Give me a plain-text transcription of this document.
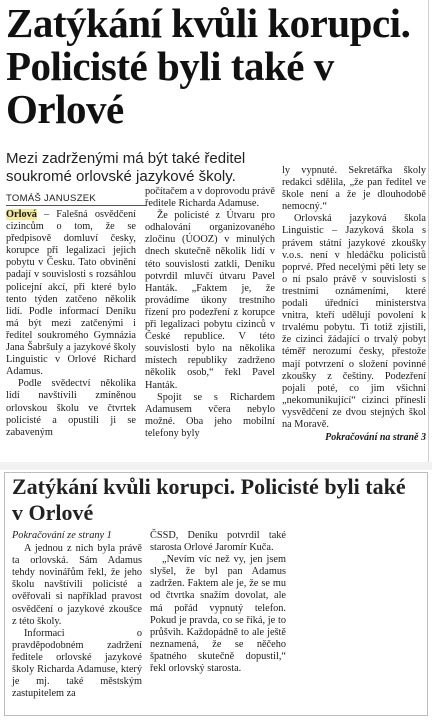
Zatýkání kvůli korupci. Policisté byli také v Orlové
Mezi zadrženými má být také ředitel soukromé orlovské jazykové školy.
TOMÁŠ JANUSZEK

Orlová – Falešná osvědčení cizincům o tom, že se předpisově domluví česky, korupce při legalizaci jejich pobytu v Česku. Tato obvinění padají v souvislosti s rozsáhlou policejní akcí, při které bylo tento týden zatčeno několik lidí. Podle informací Deníku má být mezi zatčenými i ředitel soukromého Gymnázia Jana Šabršuly a jazykové školy Linguistic v Orlové Richard Adamus.

Podle svědectví několika lidí navštívili zmíněnou orlovskou školu ve čtvrtek policisté a opustili ji se zabaveným

počítačem a v doprovodu právě ředitele Richarda Adamuse.

Že policisté z Útvaru pro odhalování organizovaného zločinu (ÚOOZ) v minulých dnech skutečně několik lidí v této souvislosti zatkli, Deníku potvrdil mluvčí útvaru Pavel Hanták. „Faktem je, že provádíme úkony trestního řízení pro podezření z korupce při legalizaci pobytu cizinců v České republice. V této souvislosti bylo na několika místech republiky zadrženo několik osob,“ řekl Pavel Hanták.

Spojit se s Richardem Adamusem včera nebylo možné. Oba jeho mobilní telefony byly

ly vypnuté. Sekretářka školy redakci sdělila, „že pan ředitel ve škole není a že je dlouhodobě nemocný.“

Orlovská jazyková škola Linguistic – Jazyková škola s právem státní jazykové zkoušky v.o.s. není v hledáčku policistů poprvé. Před necelými pěti lety se o ní psalo právě v souvislosti s trestními oznámeními, které podali úředníci ministerstva vnitra, kteří udělují povolení k trvalému pobytu. Ti totiž zjistili, že cizinci žádající o trvalý pobyt téměř nerozumí česky, přestože mají potvrzení o složení povinné zkoušky z češtiny. Podezření pojali poté, co jim všichni „nekomunikující“ cizinci přinesli vysvědčení ze dvou stejných škol na Moravě.

Pokračování na straně 3
Zatýkání kvůli korupci. Policisté byli také v Orlové

Pokračování ze strany 1

A jednou z nich byla právě ta orlovská. Sám Adamus tehdy novinářům řekl, že jeho školu navštívili policisté a ověřovali si například pravost osvědčení o jazykové zkoušce z této školy.

Informaci o pravděpodobném zadržení ředitele orlovské jazykové školy Richarda Adamuse, který je mj. také městským zastupitelem za

ČSSD, Deníku potvrdil také starosta Orlové Jaromír Kuča.

„Nevím víc než vy, jen jsem slyšel, že byl pan Adamus zadržen. Faktem ale je, že se mu od čtvrtka snažím dovolat, ale má pořád vypnutý telefon. Pokud je pravda, co se říká, je to průšvih. Každopádně to ale ještě neznamená, že se něčeho špatného skutečně dopustil,“ řekl orlovský starosta.
